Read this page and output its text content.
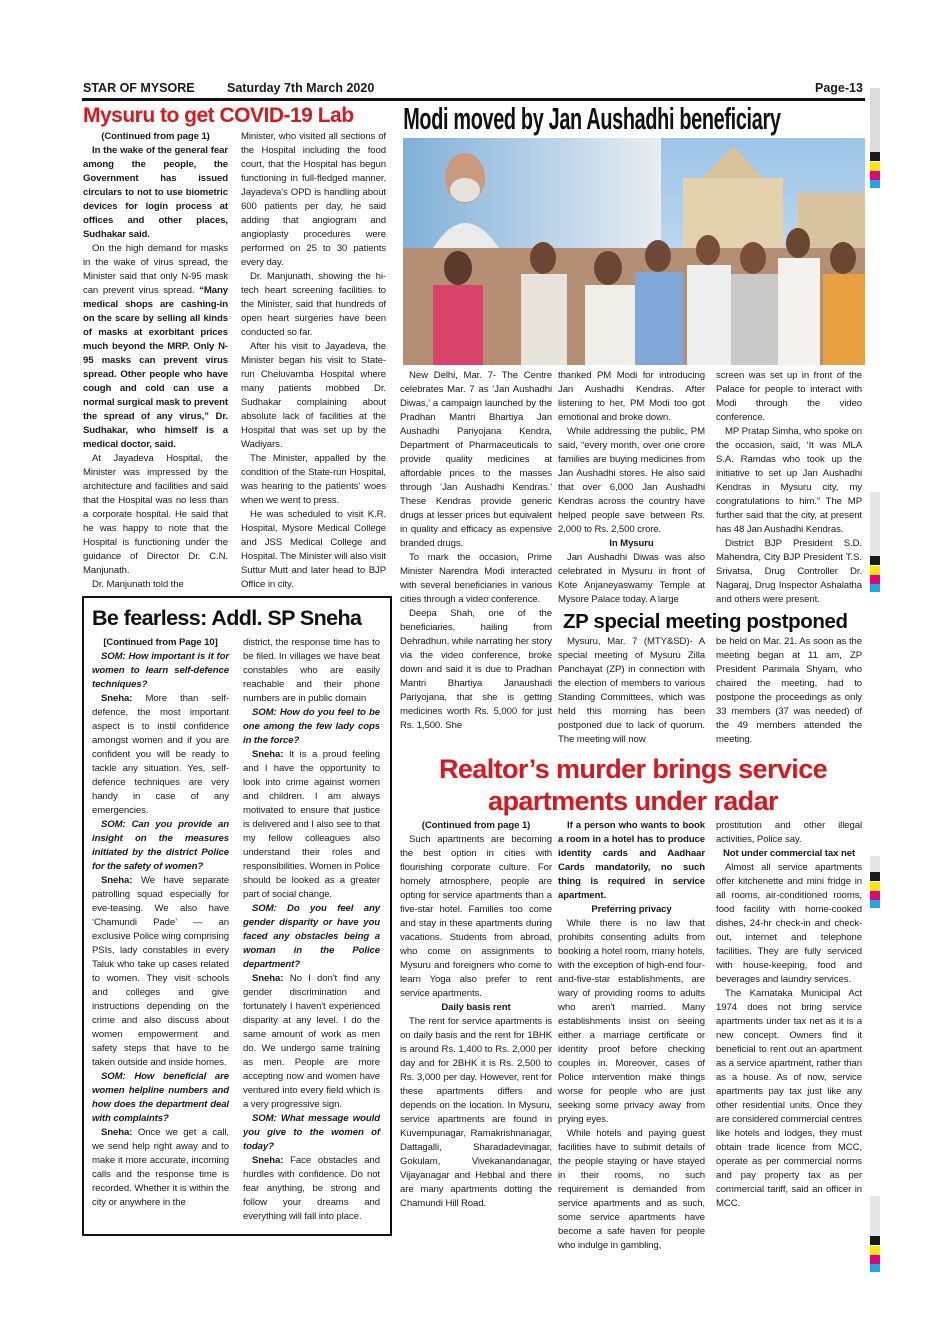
STAR OF MYSORE	Saturday 7th March 2020	Page-13
Mysuru to get COVID-19 Lab

(Continued from page 1)

In the wake of the general fear among the people, the Government has issued circulars to not to use biometric devices for login process at offices and other places, Sudhakar said.

On the high demand for masks in the wake of virus spread, the Minister said that only N-95 mask can prevent virus spread. “Many medical shops are cashing-in on the scare by selling all kinds of masks at exorbitant prices much beyond the MRP. Only N-95 masks can prevent virus spread. Other people who have cough and cold can use a normal surgical mask to prevent the spread of any virus,” Dr. Sudhakar, who himself is a medical doctor, said.

At Jayadeva Hospital, the Minister was impressed by the architecture and facilities and said that the Hospital was no less than a corporate hospital. He said that he was happy to note that the Hospital is functioning under the guidance of Director Dr. C.N. Manjunath.

Dr. Manjunath told the

Minister, who visited all sections of the Hospital including the food court, that the Hospital has begun functioning in full-fledged manner. Jayadeva's OPD is handling about 600 patients per day, he said adding that angiogram and angioplasty procedures were performed on 25 to 30 patients every day.

Dr. Manjunath, showing the hi-tech heart screening facilities to the Minister, said that hundreds of open heart surgeries have been conducted so far.

After his visit to Jayadeva, the Minister began his visit to State-run Cheluvamba Hospital where many patients mobbed Dr. Sudhakar complaining about absolute lack of facilities at the Hospital that was set up by the Wadiyars.

The Minister, appalled by the condition of the State-run Hospital, was hearing to the patients' woes when we went to press.

He was scheduled to visit K.R. Hospital, Mysore Medical College and JSS Medical College and Hospital. The Minister will also visit Suttur Mutt and later head to BJP Office in city.

Be fearless: Addl. SP Sneha

[Continued from Page 10]

SOM: How important is it for women to learn self-defence techniques?

Sneha: More than self-defence, the most important aspect is to instil confidence amongst women and if you are confident you will be ready to tackle any situation. Yes, self-defence techniques are very handy in case of any emergencies.

SOM: Can you provide an insight on the measures initiated by the district Police for the safety of women?

Sneha: We have separate patrolling squad especially for eve-teasing. We also have ‘Chamundi Pade’ — an exclusive Police wing comprising PSIs, lady constables in every Taluk who take up cases related to women. They visit schools and colleges and give instructions depending on the crime and also discuss about women empowerment and safety steps that have to be taken outside and inside homes.

SOM: How beneficial are women helpline numbers and how does the department deal with complaints?

Sneha: Once we get a call, we send help right away and to make it more accurate, incoming calls and the response time is recorded. Whether it is within the city or anywhere in the

district, the response time has to be filed. In villages we have beat constables who are easily reachable and their phone numbers are in public domain

SOM: How do you feel to be one among the few lady cops in the force?

Sneha: It is a proud feeling and I have the opportunity to look into crime against women and children. I am always motivated to ensure that justice is delivered and I also see to that my fellow colleagues also understand their roles and responsibilities. Women in Police should be looked as a greater part of social change.

SOM: Do you feel any gender disparity or have you faced any obstacles being a woman in the Police department?

Sneha: No I don't find any gender discrimination and fortunately I haven't experienced disparity at any level. I do the same amount of work as men do. We undergo same training as men. People are more accepting now and women have ventured into every field which is a very progressive sign.

SOM: What message would you give to the women of today?

Sneha: Face obstacles and hurdles with confidence. Do not fear anything, be strong and follow your dreams and everything will fall into place.

Modi moved by Jan Aushadhi beneficiary

New Delhi, Mar. 7- The Centre celebrates Mar. 7 as ‘Jan Aushadhi Diwas,’ a campaign launched by the Pradhan Mantri Bhartiya Jan Aushadhi Pariyojana Kendra, Department of Pharmaceuticals to provide quality medicines at affordable prices to the masses through ‘Jan Aushadhi Kendras.’ These Kendras provide generic drugs at lesser prices but equivalent in quality and efficacy as expensive branded drugs.

To mark the occasion, Prime Minister Narendra Modi interacted with several beneficiaries in various cities through a video conference.

Deepa Shah, one of the beneficiaries, hailing from Dehradhun, while narrating her story via the video conference, broke down and said it is due to Pradhan Mantri Bhartiya Janaushadi Pariyojana, that she is getting medicines worth Rs. 5,000 for just Rs. 1,500. She

thanked PM Modi for introducing Jan Aushadhi Kendras. After listening to her, PM Modi too got emotional and broke down.

While addressing the public, PM said, “every month, over one crore families are buying medicines from Jan Aushadhi stores. He also said that over 6,000 Jan Aushadhi Kendras across the country have helped people save between Rs. 2,000 to Rs. 2,500 crore.

In Mysuru

Jan Aushadhi Diwas was also celebrated in Mysuru in front of Kote Anjaneyaswamy Temple at Mysore Palace today. A large

screen was set up in front of the Palace for people to interact with Modi through the video conference.

MP Pratap Simha, who spoke on the occasion, said, ‘It was MLA S.A. Ramdas who took up the initiative to set up Jan Aushadhi Kendras in Mysuru city, my congratulations to him.” The MP further said that the city, at present has 48 Jan Aushadhi Kendras.

District BJP President S.D. Mahendra, City BJP President T.S. Srivatsa, Drug Controller Dr. Nagaraj, Drug Inspector Ashalatha and others were present.

ZP special meeting postponed

Mysuru, Mar. 7 (MTY&SD)- A special meeting of Mysuru Zilla Panchayat (ZP) in connection with the election of members to various Standing Committees, which was held this morning has been postponed due to lack of quorum. The meeting will now

be held on Mar. 21. As soon as the meeting began at 11 am, ZP President Parimala Shyam, who chaired the meeting, had to postpone the proceedings as only 33 members (37 was needed) of the 49 members attended the meeting.

Realtor’s murder brings service
apartments under radar

(Continued from page 1)

Such apartments are becoming the best option in cities with flourishing corporate culture. For homely atmosphere, people are opting for service apartments than a five-star hotel. Families too come and stay in these apartments during vacations. Students from abroad, who come on assignments to Mysuru and foreigners who come to learn Yoga also prefer to rent service apartments.

Daily basis rent

The rent for service apartments is on daily basis and the rent for 1BHK is around Rs. 1,400 to Rs. 2,000 per day and for 2BHK it is Rs. 2,500 to Rs. 3,000 per day. However, rent for these apartments differs and depends on the location. In Mysuru, service apartments are found in Kuvempunagar, Ramakrishnanagar, Dattagalli, Sharadadevinagar, Gokulam, Vivekanandanagar, Vijayanagar and Hebbal and there are many apartments dotting the Chamundi Hill Road.

If a person who wants to book a room in a hotel has to produce identity cards and Aadhaar Cards mandatorily, no such thing is required in service apartment.

Preferring privacy

While there is no law that prohibits consenting adults from booking a hotel room, many hotels, with the exception of high-end four-and-five-star establishments, are wary of providing rooms to adults who aren't married. Many establishments insist on seeing either a marriage certificate or identity proof before checking couples in. Moreover, cases of Police intervention make things worse for people who are just seeking some privacy away from prying eyes.

While hotels and paying guest facilities have to submit details of the people staying or have stayed in their rooms, no such requirement is demanded from service apartments and as such, some service apartments have become a safe haven for people who indulge in gambling,

prostitution and other illegal activities, Police say.

Not under commercial tax net

Almost all service apartments offer kitchenette and mini fridge in all rooms, air-conditioned rooms, food facility with home-cooked dishes, 24-hr check-in and check-out, internet and telephone facilities. They are fully serviced with house-keeping, food and beverages and laundry services.

The Karnataka Municipal Act 1974 does not bring service apartments under tax net as it is a new concept. Owners find it beneficial to rent out an apartment as a service apartment, rather than as a house. As of now, service apartments pay tax just like any other residential units. Once they are considered commercial centres like hotels and lodges, they must obtain trade licence from MCC, operate as per commercial norms and pay property tax as per commercial tariff, said an officer in MCC.
